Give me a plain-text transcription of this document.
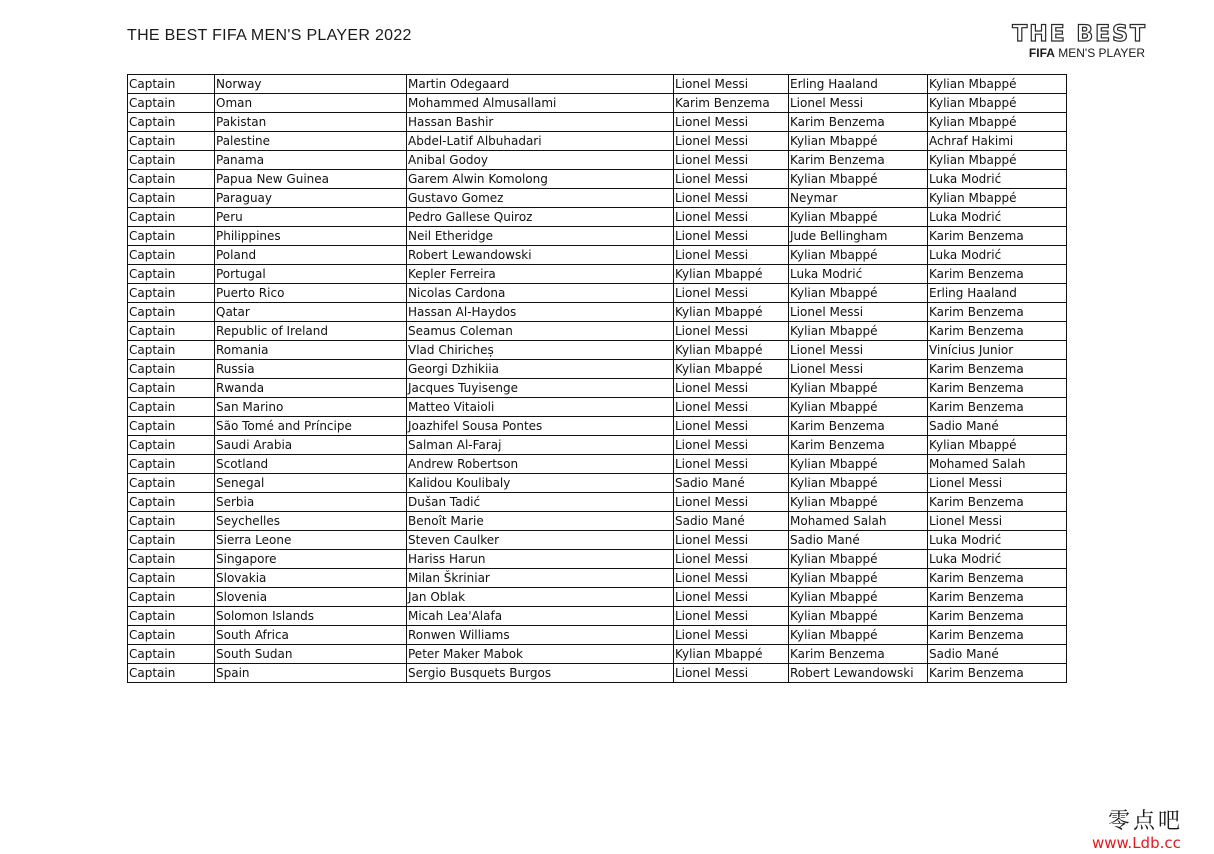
THE BEST FIFA MEN'S PLAYER 2022	THE BEST
FIFA MEN'S PLAYER
Captain	Norway	Martin Odegaard	Lionel Messi	Erling Haaland	Kylian Mbappé
Captain	Oman	Mohammed Almusallami	Karim Benzema	Lionel Messi	Kylian Mbappé
Captain	Pakistan	Hassan Bashir	Lionel Messi	Karim Benzema	Kylian Mbappé
Captain	Palestine	Abdel-Latif Albuhadari	Lionel Messi	Kylian Mbappé	Achraf Hakimi
Captain	Panama	Anibal Godoy	Lionel Messi	Karim Benzema	Kylian Mbappé
Captain	Papua New Guinea	Garem Alwin Komolong	Lionel Messi	Kylian Mbappé	Luka Modrić
Captain	Paraguay	Gustavo Gomez	Lionel Messi	Neymar	Kylian Mbappé
Captain	Peru	Pedro Gallese Quiroz	Lionel Messi	Kylian Mbappé	Luka Modrić
Captain	Philippines	Neil Etheridge	Lionel Messi	Jude Bellingham	Karim Benzema
Captain	Poland	Robert Lewandowski	Lionel Messi	Kylian Mbappé	Luka Modrić
Captain	Portugal	Kepler Ferreira	Kylian Mbappé	Luka Modrić	Karim Benzema
Captain	Puerto Rico	Nicolas Cardona	Lionel Messi	Kylian Mbappé	Erling Haaland
Captain	Qatar	Hassan Al-Haydos	Kylian Mbappé	Lionel Messi	Karim Benzema
Captain	Republic of Ireland	Seamus Coleman	Lionel Messi	Kylian Mbappé	Karim Benzema
Captain	Romania	Vlad Chiricheș	Kylian Mbappé	Lionel Messi	Vinícius Junior
Captain	Russia	Georgi Dzhikiia	Kylian Mbappé	Lionel Messi	Karim Benzema
Captain	Rwanda	Jacques Tuyisenge	Lionel Messi	Kylian Mbappé	Karim Benzema
Captain	San Marino	Matteo Vitaioli	Lionel Messi	Kylian Mbappé	Karim Benzema
Captain	São Tomé and Príncipe	Joazhifel Sousa Pontes	Lionel Messi	Karim Benzema	Sadio Mané
Captain	Saudi Arabia	Salman Al-Faraj	Lionel Messi	Karim Benzema	Kylian Mbappé
Captain	Scotland	Andrew Robertson	Lionel Messi	Kylian Mbappé	Mohamed Salah
Captain	Senegal	Kalidou Koulibaly	Sadio Mané	Kylian Mbappé	Lionel Messi
Captain	Serbia	Dušan Tadić	Lionel Messi	Kylian Mbappé	Karim Benzema
Captain	Seychelles	Benoît Marie	Sadio Mané	Mohamed Salah	Lionel Messi
Captain	Sierra Leone	Steven Caulker	Lionel Messi	Sadio Mané	Luka Modrić
Captain	Singapore	Hariss Harun	Lionel Messi	Kylian Mbappé	Luka Modrić
Captain	Slovakia	Milan Škriniar	Lionel Messi	Kylian Mbappé	Karim Benzema
Captain	Slovenia	Jan Oblak	Lionel Messi	Kylian Mbappé	Karim Benzema
Captain	Solomon Islands	Micah Lea'Alafa	Lionel Messi	Kylian Mbappé	Karim Benzema
Captain	South Africa	Ronwen Williams	Lionel Messi	Kylian Mbappé	Karim Benzema
Captain	South Sudan	Peter Maker Mabok	Kylian Mbappé	Karim Benzema	Sadio Mané
Captain	Spain	Sergio Busquets Burgos	Lionel Messi	Robert Lewandowski	Karim Benzema
零点吧
www.Ldb.cc
